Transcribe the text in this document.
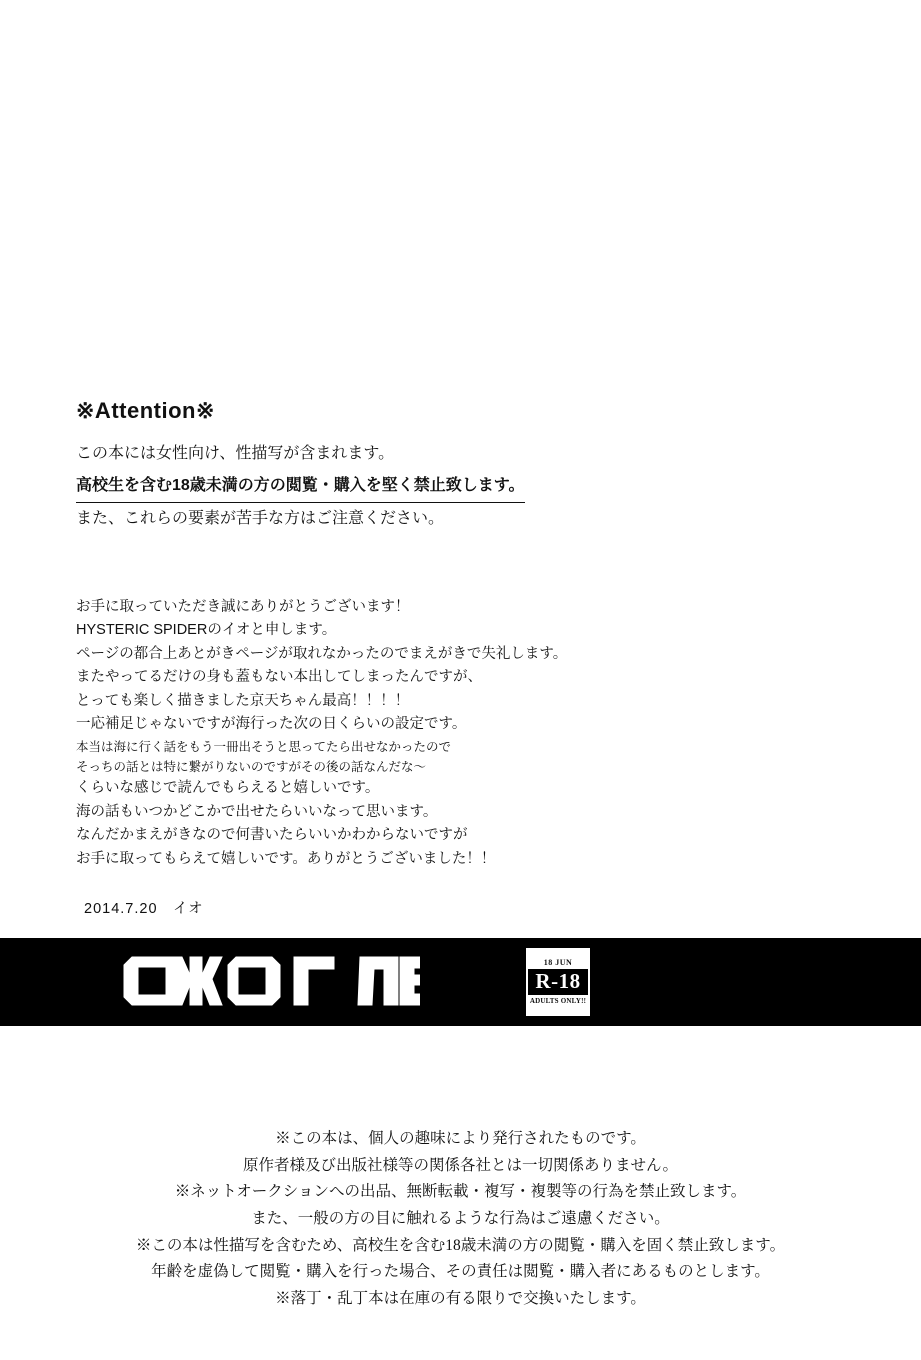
※Attention※

この本には女性向け、性描写が含まれます。

高校生を含む18歳未満の方の閲覧・購入を堅く禁止致します。

また、これらの要素が苦手な方はご注意ください。

お手に取っていただき誠にありがとうございます！

HYSTERIC SPIDERのイオと申します。

ページの都合上あとがきページが取れなかったのでまえがきで失礼します。

またやってるだけの身も蓋もない本出してしまったんですが、

とっても楽しく描きました京天ちゃん最高！！！！

一応補足じゃないですが海行った次の日くらいの設定です。

本当は海に行く話をもう一冊出そうと思ってたら出せなかったので

そっちの話とは特に繋がりないのですがその後の話なんだな〜

くらいな感じで読んでもらえると嬉しいです。

海の話もいつかどこかで出せたらいいなって思います。

なんだかまえがきなので何書いたらいいかわからないですが

お手に取ってもらえて嬉しいです。ありがとうございました！！

2014.7.20　イオ

18 JUN
R-18
ADULTS ONLY!!

※この本は、個人の趣味により発行されたものです。

原作者様及び出版社様等の関係各社とは一切関係ありません。

※ネットオークションへの出品、無断転載・複写・複製等の行為を禁止致します。

また、一般の方の目に触れるような行為はご遠慮ください。

※この本は性描写を含むため、高校生を含む18歳未満の方の閲覧・購入を固く禁止致します。

年齢を虚偽して閲覧・購入を行った場合、その責任は閲覧・購入者にあるものとします。

※落丁・乱丁本は在庫の有る限りで交換いたします。
